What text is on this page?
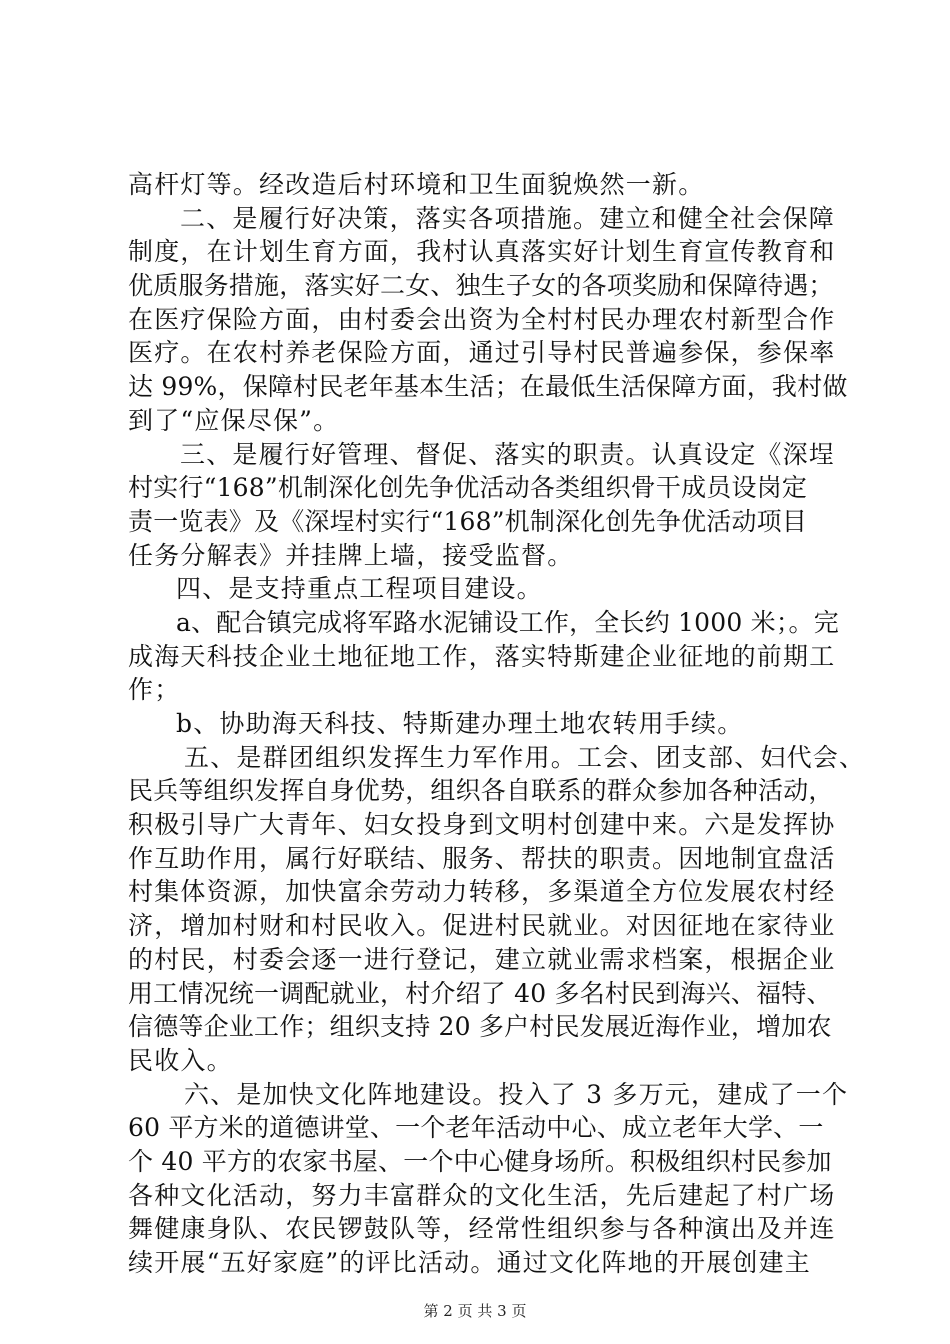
高杆灯等。经改造后村环境和卫生面貌焕然一新。
二、是履行好决策，落实各项措施。建立和健全社会保障
制度，在计划生育方面，我村认真落实好计划生育宣传教育和
优质服务措施，落实好二女、独生子女的各项奖励和保障待遇；
在医疗保险方面，由村委会出资为全村村民办理农村新型合作
医疗。在农村养老保险方面，通过引导村民普遍参保，参保率
达 99%，保障村民老年基本生活；在最低生活保障方面，我村做
到了“应保尽保”。
三、是履行好管理、督促、落实的职责。认真设定《深埕
村实行“168”机制深化创先争优活动各类组织骨干成员设岗定
责一览表》及《深埕村实行“168”机制深化创先争优活动项目
任务分解表》并挂牌上墙，接受监督。
四、是支持重点工程项目建设。
a、配合镇完成将军路水泥铺设工作，全长约 1000 米；。完
成海天科技企业土地征地工作，落实特斯建企业征地的前期工
作；
b、协助海天科技、特斯建办理土地农转用手续。
五、是群团组织发挥生力军作用。工会、团支部、妇代会、
民兵等组织发挥自身优势，组织各自联系的群众参加各种活动，
积极引导广大青年、妇女投身到文明村创建中来。六是发挥协
作互助作用，属行好联结、服务、帮扶的职责。因地制宜盘活
村集体资源，加快富余劳动力转移，多渠道全方位发展农村经
济，增加村财和村民收入。促进村民就业。对因征地在家待业
的村民，村委会逐一进行登记，建立就业需求档案，根据企业
用工情况统一调配就业，村介绍了 40 多名村民到海兴、福特、
信德等企业工作；组织支持 20 多户村民发展近海作业，增加农
民收入。
六、是加快文化阵地建设。投入了 3 多万元，建成了一个
60 平方米的道德讲堂、一个老年活动中心、成立老年大学、一
个 40 平方的农家书屋、一个中心健身场所。积极组织村民参加
各种文化活动，努力丰富群众的文化生活，先后建起了村广场
舞健康身队、农民锣鼓队等，经常性组织参与各种演出及并连
续开展“五好家庭”的评比活动。通过文化阵地的开展创建主
第 2 页 共 3 页
